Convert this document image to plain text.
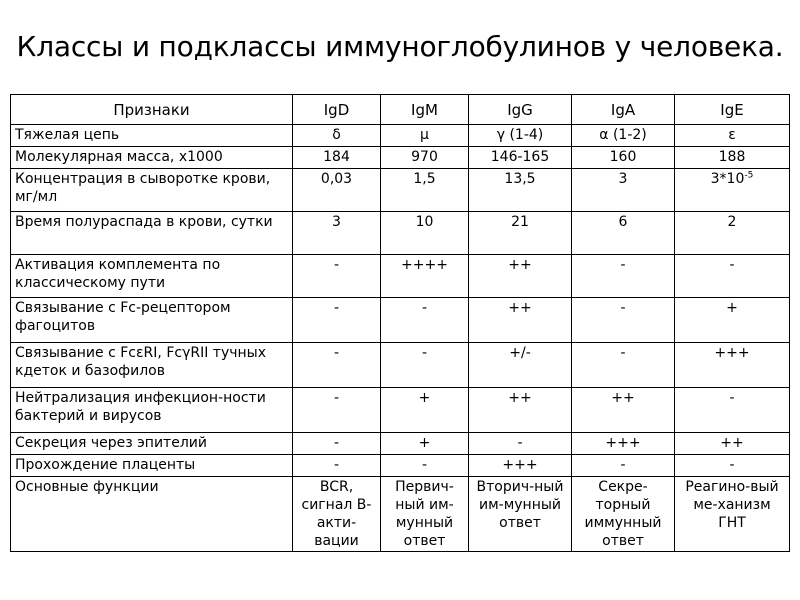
Классы и подклассы иммуноглобулинов у человека.
Признаки	IgD	IgM	IgG	IgA	IgE
Тяжелая цепь	δ	μ	γ (1-4)	α (1-2)	ε
Молекулярная масса, x1000	184	970	146-165	160	188
Концентрация в сыворотке крови, мг/мл	0,03	1,5	13,5	3	$3*10^{-5}$
Время полураспада в крови, сутки	3	10	21	6	2
Активация комплемента по классическому пути	-	++++	++	-	-
Связывание с Fc-рецептором фагоцитов	-	-	++	-	+
Связывание с FcεRI, FcγRII тучных кдеток и базофилов	-	-	+/-	-	+++
Нейтрализация инфекцион-ности бактерий и вирусов	-	+	++	++	-
Секреция через эпителий	-	+	-	+++	++
Прохождение плаценты	-	-	+++	-	-
Основные функции	BCR, сигнал B-акти-вации	Первич-ный им-мунный ответ	Вторич-ный им-мунный ответ	Секре-торный иммунный ответ	Реагино-вый ме-ханизм ГНТ
